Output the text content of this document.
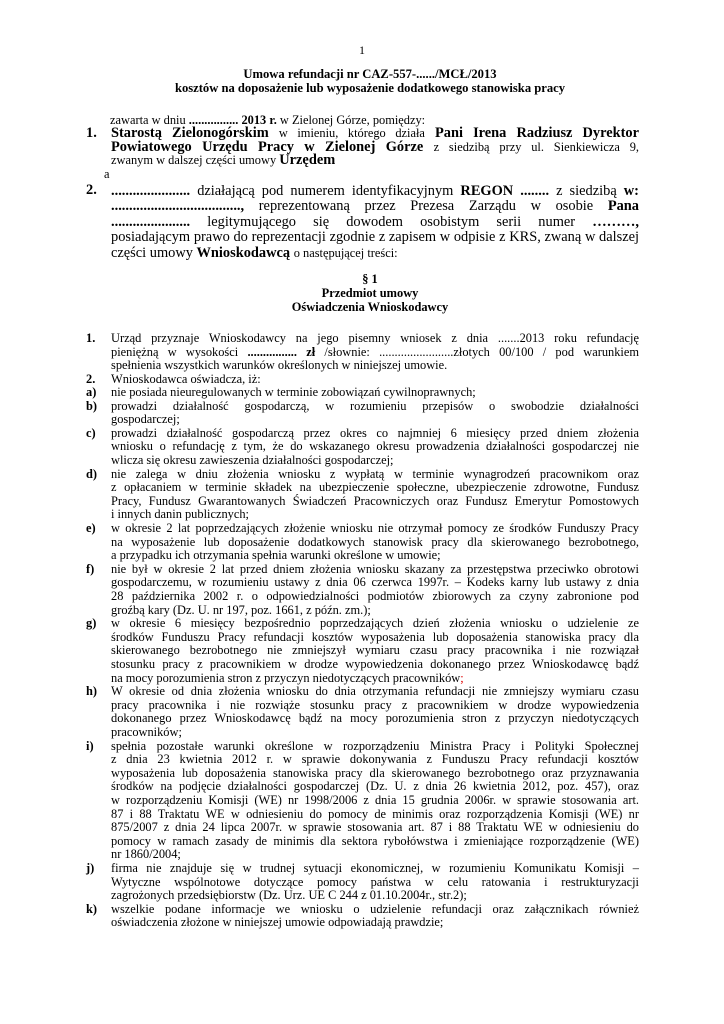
1
Umowa refundacji nr CAZ-557-....../MCŁ/2013
kosztów na doposażenie lub wyposażenie dodatkowego stanowiska pracy
zawarta w dniu ................ 2013 r. w Zielonej Górze, pomiędzy:
1. Starostą Zielonogórskim w imieniu, którego działa Pani Irena Radziusz Dyrektor
Powiatowego Urzędu Pracy w Zielonej Górze z siedzibą przy ul. Sienkiewicza 9,
zwanym w dalszej części umowy Urzędem
a
2. ...................... działającą pod numerem identyfikacyjnym REGON ........ z siedzibą w:
...................................., reprezentowaną przez Prezesa Zarządu w osobie Pana
...................... legitymującego się dowodem osobistym serii numer ………,
posiadającym prawo do reprezentacji zgodnie z zapisem w odpisie z KRS, zwaną w dalszej
części umowy Wnioskodawcą o następującej treści:
§ 1
Przedmiot umowy
Oświadczenia Wnioskodawcy
1. Urząd przyznaje Wnioskodawcy na jego pisemny wniosek z dnia .......2013 roku refundację
pieniężną w wysokości ................ zł /słownie: ........................złotych 00/100 / pod warunkiem
spełnienia wszystkich warunków określonych w niniejszej umowie.
2. Wnioskodawca oświadcza, iż:
a) nie posiada nieuregulowanych w terminie zobowiązań cywilnoprawnych;
b) prowadzi działalność gospodarczą, w rozumieniu przepisów o swobodzie działalności
gospodarczej;
c) prowadzi działalność gospodarczą przez okres co najmniej 6 miesięcy przed dniem złożenia
wniosku o refundację z tym, że do wskazanego okresu prowadzenia działalności gospodarczej nie
wlicza się okresu zawieszenia działalności gospodarczej;
d) nie zalega w dniu złożenia wniosku z wypłatą w terminie wynagrodzeń pracownikom oraz
z opłacaniem w terminie składek na ubezpieczenie społeczne, ubezpieczenie zdrowotne, Fundusz
Pracy, Fundusz Gwarantowanych Świadczeń Pracowniczych oraz Fundusz Emerytur Pomostowych
i innych danin publicznych;
e) w okresie 2 lat poprzedzających złożenie wniosku nie otrzymał pomocy ze środków Funduszy Pracy
na wyposażenie lub doposażenie dodatkowych stanowisk pracy dla skierowanego bezrobotnego,
a przypadku ich otrzymania spełnia warunki określone w umowie;
f) nie był w okresie 2 lat przed dniem złożenia wniosku skazany za przestępstwa przeciwko obrotowi
gospodarczemu, w rozumieniu ustawy z dnia 06 czerwca 1997r. – Kodeks karny lub ustawy z dnia
28 października 2002 r. o odpowiedzialności podmiotów zbiorowych za czyny zabronione pod
groźbą kary (Dz. U. nr 197, poz. 1661, z późn. zm.);
g) w okresie 6 miesięcy bezpośrednio poprzedzających dzień złożenia wniosku o udzielenie ze
środków Funduszu Pracy refundacji kosztów wyposażenia lub doposażenia stanowiska pracy dla
skierowanego bezrobotnego nie zmniejszył wymiaru czasu pracy pracownika i nie rozwiązał
stosunku pracy z pracownikiem w drodze wypowiedzenia dokonanego przez Wnioskodawcę bądź
na mocy porozumienia stron z przyczyn niedotyczących pracowników;
h) W okresie od dnia złożenia wniosku do dnia otrzymania refundacji nie zmniejszy wymiaru czasu
pracy pracownika i nie rozwiąże stosunku pracy z pracownikiem w drodze wypowiedzenia
dokonanego przez Wnioskodawcę bądź na mocy porozumienia stron z przyczyn niedotyczących
pracowników;
i) spełnia pozostałe warunki określone w rozporządzeniu Ministra Pracy i Polityki Społecznej
z dnia 23 kwietnia 2012 r. w sprawie dokonywania z Funduszu Pracy refundacji kosztów
wyposażenia lub doposażenia stanowiska pracy dla skierowanego bezrobotnego oraz przyznawania
środków na podjęcie działalności gospodarczej (Dz. U. z dnia 26 kwietnia 2012, poz. 457), oraz
w rozporządzeniu Komisji (WE) nr 1998/2006 z dnia 15 grudnia 2006r. w sprawie stosowania art.
87 i 88 Traktatu WE w odniesieniu do pomocy de minimis oraz rozporządzenia Komisji (WE) nr
875/2007 z dnia 24 lipca 2007r. w sprawie stosowania art. 87 i 88 Traktatu WE w odniesieniu do
pomocy w ramach zasady de minimis dla sektora rybołówstwa i zmieniające rozporządzenie (WE)
nr 1860/2004;
j) firma nie znajduje się w trudnej sytuacji ekonomicznej, w rozumieniu Komunikatu Komisji –
Wytyczne wspólnotowe dotyczące pomocy państwa w celu ratowania i restrukturyzacji
zagrożonych przedsiębiorstw (Dz. Urz. UE C 244 z 01.10.2004r., str.2);
k) wszelkie podane informacje we wniosku o udzielenie refundacji oraz załącznikach również
oświadczenia złożone w niniejszej umowie odpowiadają prawdzie;
